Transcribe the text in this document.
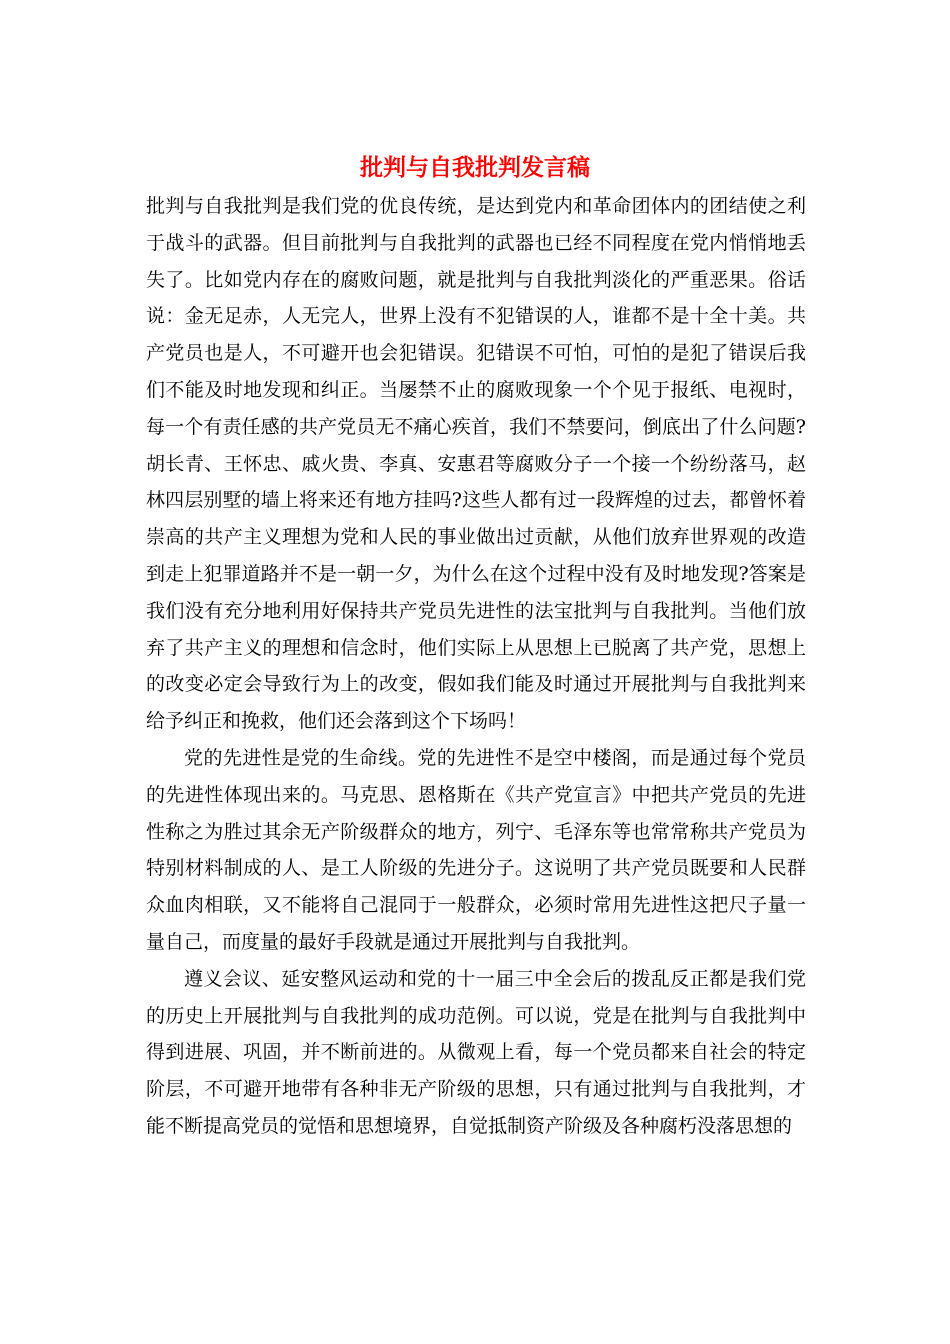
批判与自我批判发言稿

批判与自我批判是我们党的优良传统，是达到党内和革命团体内的团结使之利于战斗的武器。但目前批判与自我批判的武器也已经不同程度在党内悄悄地丢失了。比如党内存在的腐败问题，就是批判与自我批判淡化的严重恶果。俗话说：金无足赤，人无完人，世界上没有不犯错误的人，谁都不是十全十美。共产党员也是人，不可避开也会犯错误。犯错误不可怕，可怕的是犯了错误后我们不能及时地发现和纠正。当屡禁不止的腐败现象一个个见于报纸、电视时，每一个有责任感的共产党员无不痛心疾首，我们不禁要问，倒底出了什么问题?胡长青、王怀忠、戚火贵、李真、安惠君等腐败分子一个接一个纷纷落马，赵林四层别墅的墙上将来还有地方挂吗?这些人都有过一段辉煌的过去，都曾怀着崇高的共产主义理想为党和人民的事业做出过贡献，从他们放弃世界观的改造到走上犯罪道路并不是一朝一夕，为什么在这个过程中没有及时地发现?答案是我们没有充分地利用好保持共产党员先进性的法宝批判与自我批判。当他们放弃了共产主义的理想和信念时，他们实际上从思想上已脱离了共产党，思想上的改变必定会导致行为上的改变，假如我们能及时通过开展批判与自我批判来给予纠正和挽救，他们还会落到这个下场吗！

党的先进性是党的生命线。党的先进性不是空中楼阁，而是通过每个党员的先进性体现出来的。马克思、恩格斯在《共产党宣言》中把共产党员的先进性称之为胜过其余无产阶级群众的地方，列宁、毛泽东等也常常称共产党员为特别材料制成的人、是工人阶级的先进分子。这说明了共产党员既要和人民群众血肉相联，又不能将自己混同于一般群众，必须时常用先进性这把尺子量一量自己，而度量的最好手段就是通过开展批判与自我批判。

遵义会议、延安整风运动和党的十一届三中全会后的拨乱反正都是我们党的历史上开展批判与自我批判的成功范例。可以说，党是在批判与自我批判中得到进展、巩固，并不断前进的。从微观上看，每一个党员都来自社会的特定阶层，不可避开地带有各种非无产阶级的思想，只有通过批判与自我批判，才能不断提高党员的觉悟和思想境界，自觉抵制资产阶级及各种腐朽没落思想的
